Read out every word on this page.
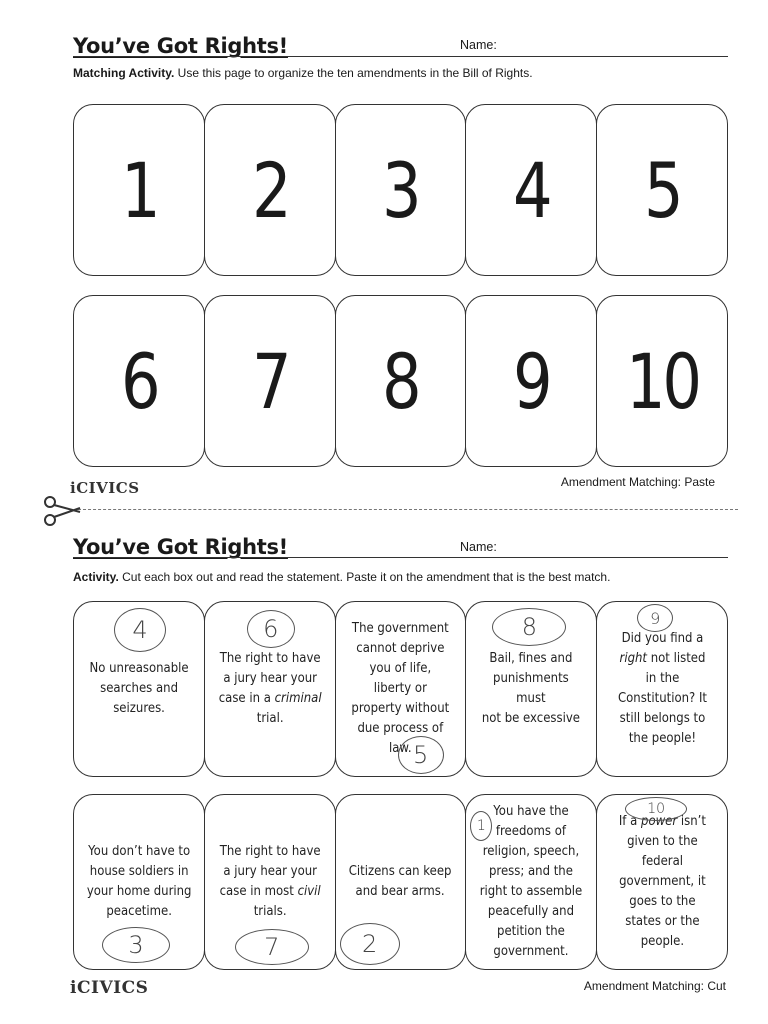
You’ve Got Rights!	Name:
Matching Activity. Use this page to organize the ten amendments in the Bill of Rights.
1 2 3 4 5
6 7 8 9 10
iCIVICS	Amendment Matching: Paste
You’ve Got Rights!	Name:
Activity. Cut each box out and read the statement. Paste it on the amendment that is the best match.
No unreasonable
searches and
seizures.
4
The right to have
a jury hear your
case in a criminal
trial.
6	The government
cannot deprive
you of life,
liberty or
property without
due process of
law. 5
Bail, fines and
punishments must
not be excessive
8	Did you find a
right not listed
in the
Constitution? It
still belongs to
the people!
9
You don’t have to
house soldiers in
your home during
peacetime.
3
The right to have
a jury hear your
case in most civil
trials.
7
Citizens can keep
and bear arms.
2
You have the
freedoms of
religion, speech,
press; and the
right to assemble
peacefully and
petition the
government.
1	If a power isn’t
given to the
federal
government, it
goes to the
states or the
people.
10
iCIVICS	Amendment Matching: Cut
